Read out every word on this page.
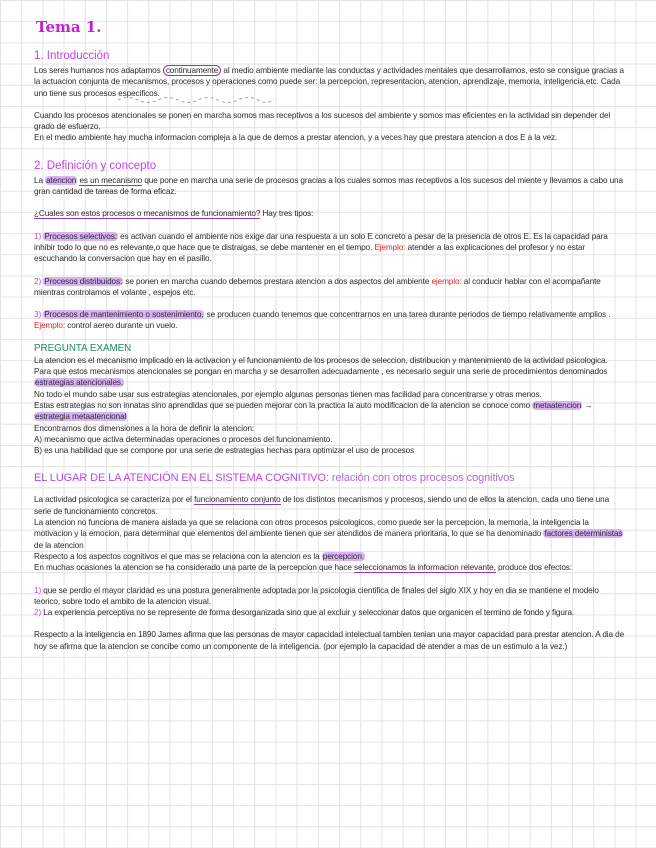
Tema 1.
1. Introducción

Los seres humanos nos adaptamos continuamente al medio ambiente mediante las conductas y actividades mentales que desarrollamos, esto se consigue gracias a la actuacion conjunta de mecanismos, procesos y operaciones como puede ser: la percepcion, representacion, atencion, aprendizaje, memoria, inteligencia,etc. Cada uno tiene sus procesos especificos.

Cuando los procesos atencionales se ponen en marcha somos mas receptivos a los sucesos del ambiente y somos mas eficientes en la actividad sin depender del grado de esfuerzo.

En el medio ambiente hay mucha informacion compleja a la que de demos a prestar atencion, y a veces hay que prestara atencion a dos E a la vez.

2. Definición y concepto

La atencion es un mecanismo que pone en marcha una serie de procesos gracias a los cuales somos mas receptivos a los sucesos del miente y llevamos a cabo una gran cantidad de tareas de forma eficaz.

¿Cuales son estos procesos o mecanismos de funcionamiento? Hay tres tipos:

1) Procesos selectivos: es activan cuando el ambiente nos exige dar una respuesta a un solo E concreto a pesar de la presencia de otros E. Es la capacidad para inhibir todo lo que no es relevante,o que hace que te distraigas, se debe mantener en el tiempo. Ejemplo: atender a las explicaciones del profesor y no estar escuchando la conversacion que hay en el pasillo.

2) Procesos distribuidos: se ponen en marcha cuando debemos prestara atencion a dos aspectos del ambiente ejemplo: al conducir hablar con el acompañante mientras controlamos el volante , espejos etc.

3) Procesos de mantenimiento o sostenimiento, se producen cuando tenemos que concentrarnos en una tarea durante periodos de tiempo relativamente amplios . Ejemplo: control aereo durante un vuelo.

PREGUNTA EXAMEN

La atencion es el mecanismo implicado en la activacion y el funcionamiento de los procesos de seleccion, distribucion y mantenimiento de la actividad psicologica.

Para que estos mecanismos atencionales se pongan en marcha y se desarrollen adecuadamente , es necesario seguir una serie de procedimientos denominados estrategias atencionales.

No todo el mundo sabe usar sus estrategias atencionales, por ejemplo algunas personas tienen mas facilidad para concentrarse y otras menos.

Estas estrategias no son innatas sino aprendidas que se pueden mejorar con la practica la auto modificacion de la atencion se conoce como metaatencion → estrategia metaatencional

Encontramos dos dimensiones a la hora de definir la atencion:

A) mecanismo que activa determinadas operaciones o procesos del funcionamiento.

B) es una habilidad que se compone por una serie de estrategias hechas para optimizar el uso de procesos

EL LUGAR DE LA ATENCIÓN EN EL SISTEMA COGNITIVO: relación con otros procesos cognitivos

La actividad psicologica se caracteriza por el funcionamiento conjunto de los distintos mecanismos y procesos, siendo uno de ellos la atencion, cada uno tiene una serie de funcionamiento concretos.

La atencion no funciona de manera aislada ya que se relaciona con otros procesos psicologicos, como puede ser la percepcion, la memoria, la inteligencia la motivacion y la emocion, para determinar que elementos del ambiente tienen que ser atendidos de manera prioritaria, lo que se ha denominado factores deterministas de la atencion

Respecto a los aspectos cognitivos el que mas se relaciona con la atencion es la percepcion.

En muchas ocasiones la atencion se ha considerado una parte de la percepcion que hace seleccionamos la informacion relevante, produce dos efectos:

1) que se perdio el mayor claridad es una postura generalmente adoptada por la psicologia cientifica de finales del siglo XIX y hoy en dia se mantiene el modelo teorico, sobre todo el ambito de la atencion visual.

2) La experiencia perceptiva no se represente de forma desorganizada sino que al excluir y seleccionar datos que organicen el termino de fondo y figura.

Respecto a la inteligencia en 1890 James afirma que las personas de mayor capacidad intelectual tambien tenian una mayor capacidad para prestar atencion. A dia de hoy se afirma que la atencion se concibe como un componente de la inteligencia. (por ejemplo la capacidad de atender a mas de un estimulo a la vez.)
